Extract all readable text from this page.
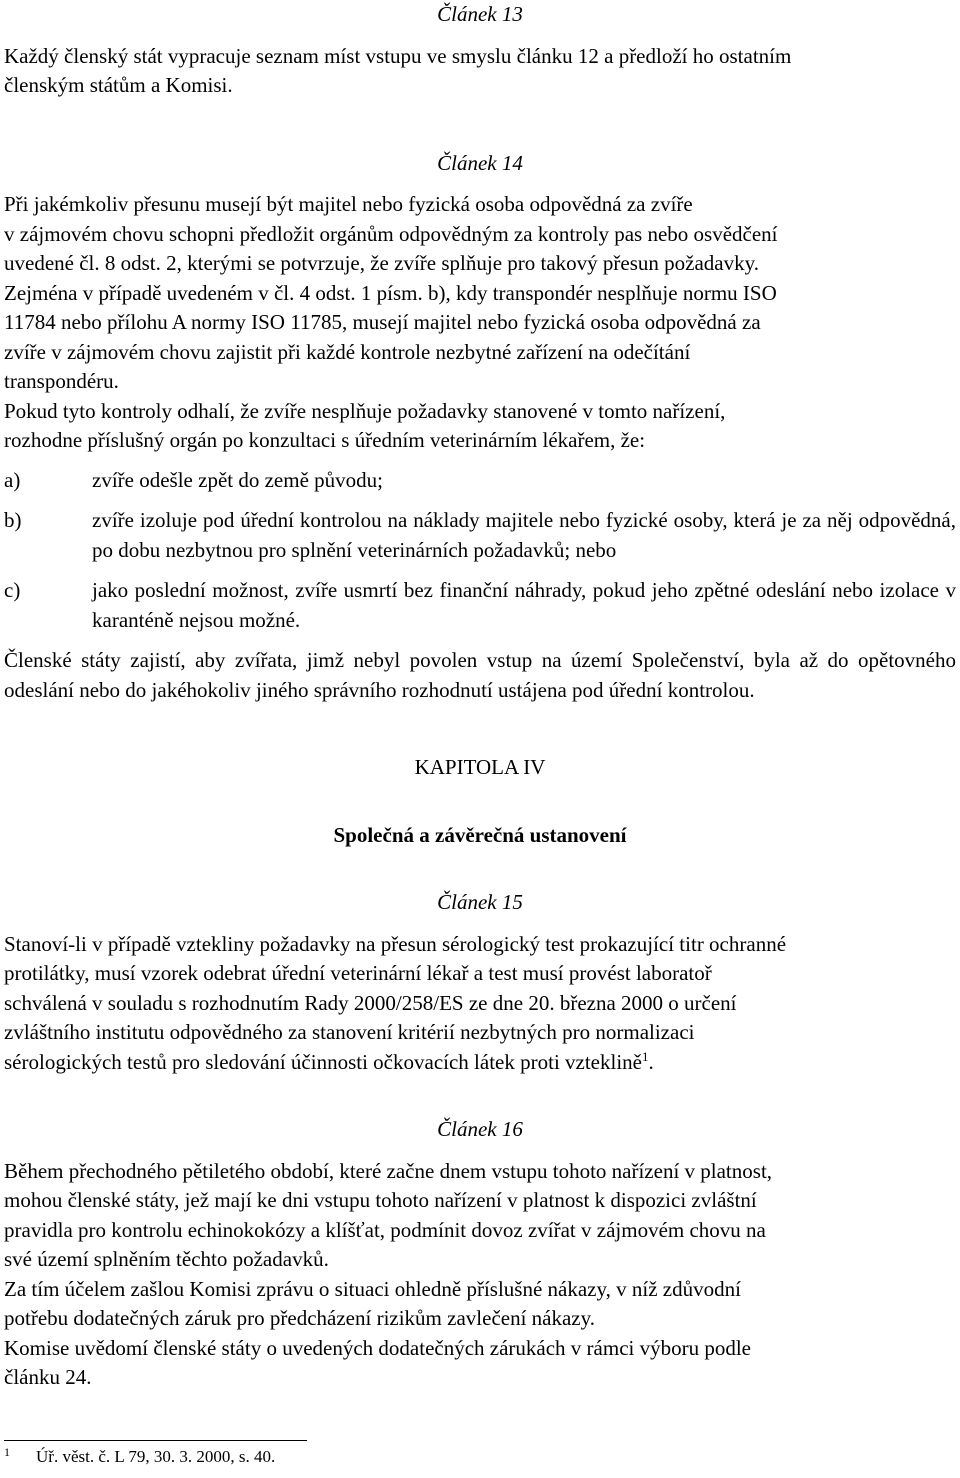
Článek 13

Každý členský stát vypracuje seznam míst vstupu ve smyslu článku 12 a předloží ho ostatním

členským státům a Komisi.

Článek 14

Při jakémkoliv přesunu musejí být majitel nebo fyzická osoba odpovědná za zvíře

v zájmovém chovu schopni předložit orgánům odpovědným za kontroly pas nebo osvědčení

uvedené čl. 8 odst. 2, kterými se potvrzuje, že zvíře splňuje pro takový přesun požadavky.

Zejména v případě uvedeném v čl. 4 odst. 1 písm. b), kdy transpondér nesplňuje normu ISO

11784 nebo přílohu A normy ISO 11785, musejí majitel nebo fyzická osoba odpovědná za

zvíře v zájmovém chovu zajistit při každé kontrole nezbytné zařízení na odečítání

transpondéru.

Pokud tyto kontroly odhalí, že zvíře nesplňuje požadavky stanovené v tomto nařízení,

rozhodne příslušný orgán po konzultaci s úředním veterinárním lékařem, že:

a)	zvíře odešle zpět do země původu;
b)	zvíře izoluje pod úřední kontrolou na náklady majitele nebo fyzické osoby, která je za něj odpovědná, po dobu nezbytnou pro splnění veterinárních požadavků; nebo
c)	jako poslední možnost, zvíře usmrtí bez finanční náhrady, pokud jeho zpětné odeslání nebo izolace v karanténě nejsou možné.

Členské státy zajistí, aby zvířata, jimž nebyl povolen vstup na území Společenství, byla až do opětovného odeslání nebo do jakéhokoliv jiného správního rozhodnutí ustájena pod úřední kontrolou.

KAPITOLA IV

Společná a závěrečná ustanovení

Článek 15

Stanoví-li v případě vztekliny požadavky na přesun sérologický test prokazující titr ochranné

protilátky, musí vzorek odebrat úřední veterinární lékař a test musí provést laboratoř

schválená v souladu s rozhodnutím Rady 2000/258/ES ze dne 20. března 2000 o určení

zvláštního institutu odpovědného za stanovení kritérií nezbytných pro normalizaci

sérologických testů pro sledování účinnosti očkovacích látek proti vzteklině$^1$.

Článek 16

Během přechodného pětiletého období, které začne dnem vstupu tohoto nařízení v platnost,

mohou členské státy, jež mají ke dni vstupu tohoto nařízení v platnost k dispozici zvláštní

pravidla pro kontrolu echinokokózy a klíšťat, podmínit dovoz zvířat v zájmovém chovu na

své území splněním těchto požadavků.

Za tím účelem zašlou Komisi zprávu o situaci ohledně příslušné nákazy, v níž zdůvodní

potřebu dodatečných záruk pro předcházení rizikům zavlečení nákazy.

Komise uvědomí členské státy o uvedených dodatečných zárukách v rámci výboru podle

článku 24.

1	Úř. věst. č. L 79, 30. 3. 2000, s. 40.
